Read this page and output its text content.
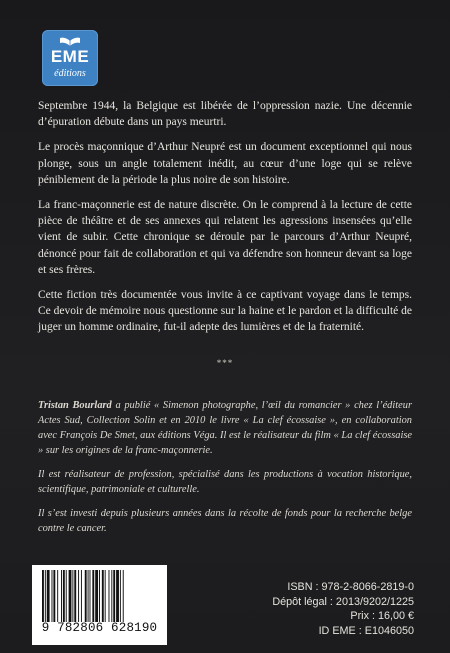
EME
éditions

Septembre 1944, la Belgique est libérée de l’oppression nazie. Une décennie d’épuration débute dans un pays meurtri.

Le procès maçonnique d’Arthur Neupré est un document exceptionnel qui nous plonge, sous un angle totalement inédit, au cœur d’une loge qui se relève péniblement de la période la plus noire de son histoire.

La franc-maçonnerie est de nature discrète. On le comprend à la lecture de cette pièce de théâtre et de ses annexes qui relatent les agressions insensées qu’elle vient de subir. Cette chronique se déroule par le parcours d’Arthur Neupré, dénoncé pour fait de collaboration et qui va défendre son honneur devant sa loge et ses frères.

Cette fiction très documentée vous invite à ce captivant voyage dans le temps. Ce devoir de mémoire nous questionne sur la haine et le pardon et la difficulté de juger un homme ordinaire, fut-il adepte des lumières et de la fraternité.

***

Tristan Bourlard a publié « Simenon photographe, l’œil du romancier » chez l’éditeur Actes Sud, Collection Solin et en 2010 le livre « La clef écossaise », en collaboration avec François De Smet, aux éditions Véga. Il est le réalisateur du film « La clef écossaise » sur les origines de la franc-maçonnerie.

Il est réalisateur de profession, spécialisé dans les productions à vocation historique, scientifique, patrimoniale et culturelle.

Il s’est investi depuis plusieurs années dans la récolte de fonds pour la recherche belge contre le cancer.

9 782806 628190
ISBN : 978-2-8066-2819-0
Dépôt légal : 2013/9202/1225
Prix : 16,00 €
ID EME : E1046050
